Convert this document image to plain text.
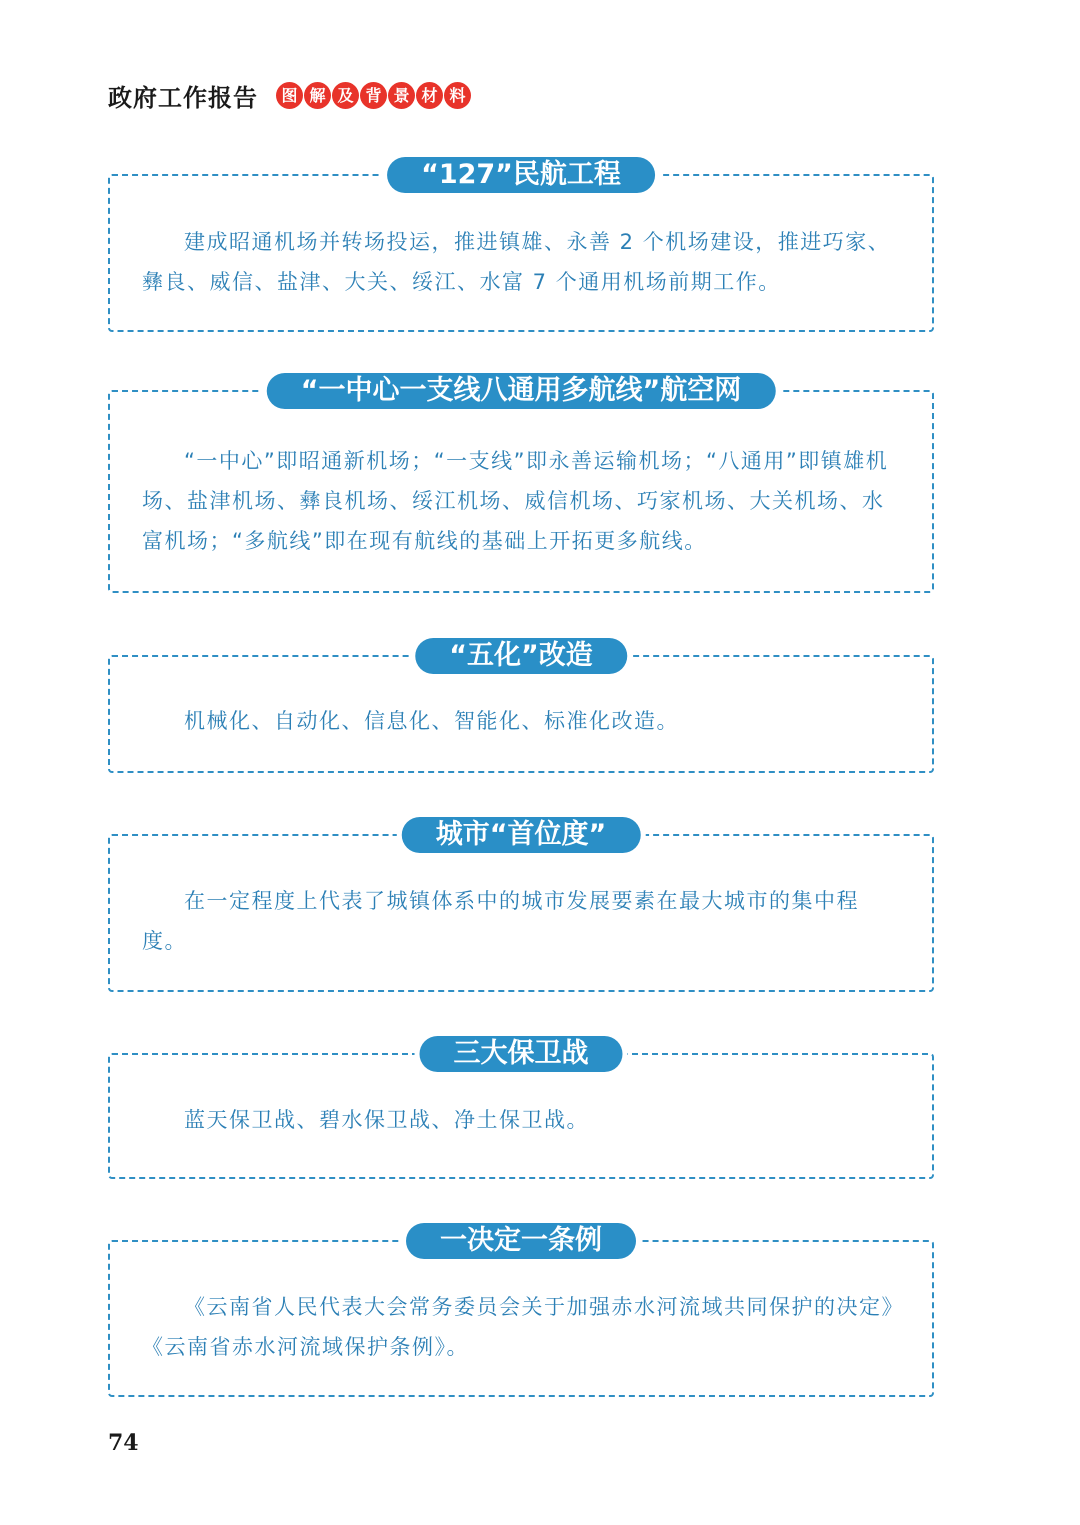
政府工作报告	图 解 及 背 景 材 料
“127”民航工程

建成昭通机场并转场投运，推进镇雄、永善 2 个机场建设，推进巧家、彝良、威信、盐津、大关、绥江、水富 7 个通用机场前期工作。

“一中心一支线八通用多航线”航空网

“一中心”即昭通新机场；“一支线”即永善运输机场；“八通用”即镇雄机场、盐津机场、彝良机场、绥江机场、威信机场、巧家机场、大关机场、水富机场；“多航线”即在现有航线的基础上开拓更多航线。

“五化”改造

机械化、自动化、信息化、智能化、标准化改造。

城市“首位度”

在一定程度上代表了城镇体系中的城市发展要素在最大城市的集中程度。

三大保卫战

蓝天保卫战、碧水保卫战、净土保卫战。

一决定一条例

《云南省人民代表大会常务委员会关于加强赤水河流域共同保护的决定》《云南省赤水河流域保护条例》。

74
